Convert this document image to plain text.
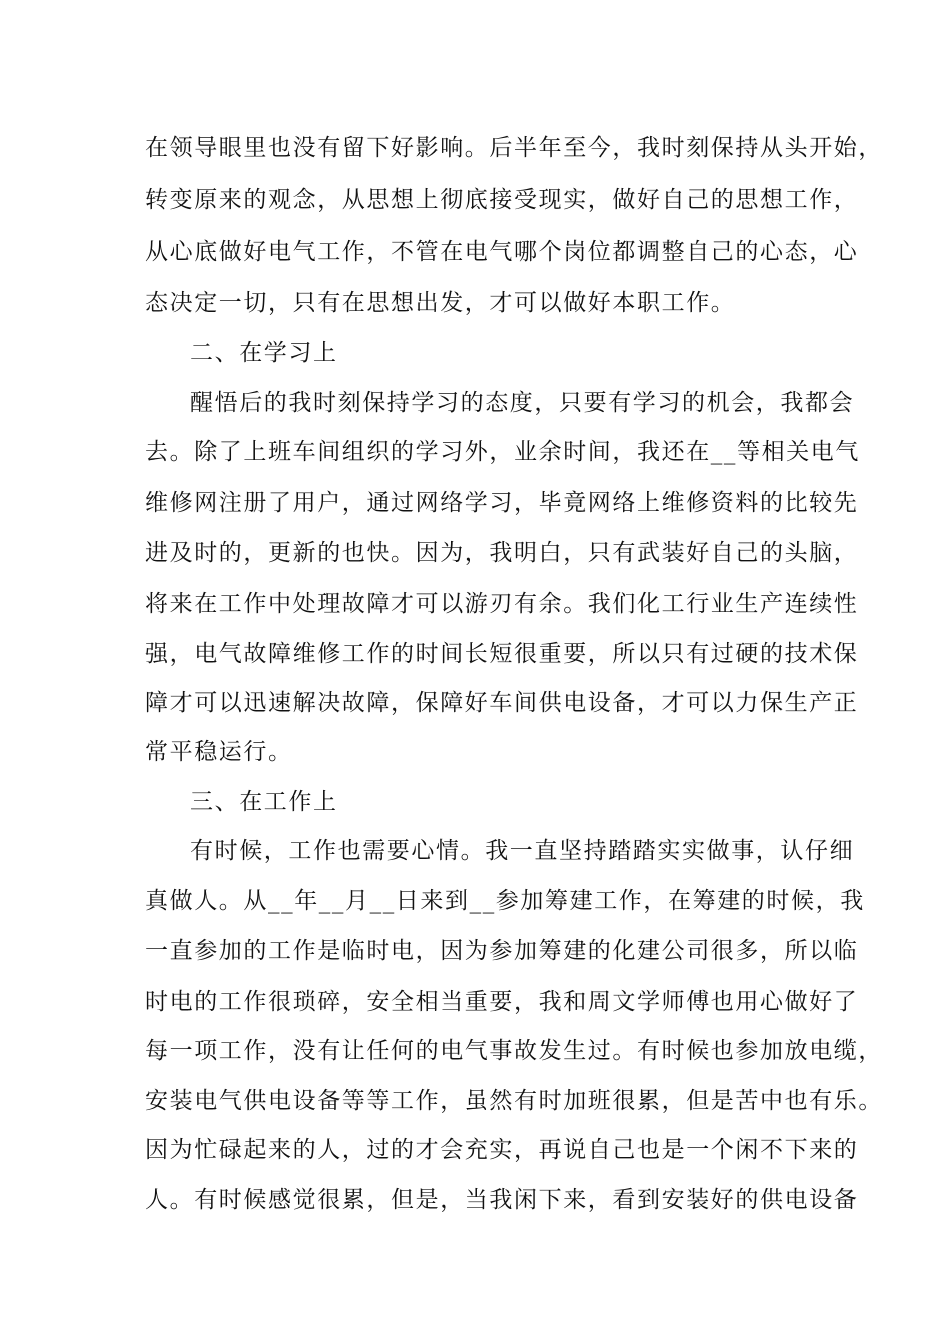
在领导眼里也没有留下好影响。后半年至今，我时刻保持从头开始，
转变原来的观念，从思想上彻底接受现实，做好自己的思想工作，
从心底做好电气工作，不管在电气哪个岗位都调整自己的心态，心
态决定一切，只有在思想出发，才可以做好本职工作。
二、在学习上
醒悟后的我时刻保持学习的态度，只要有学习的机会，我都会
去。除了上班车间组织的学习外，业余时间，我还在__等相关电气
维修网注册了用户，通过网络学习，毕竟网络上维修资料的比较先
进及时的，更新的也快。因为，我明白，只有武装好自己的头脑，
将来在工作中处理故障才可以游刃有余。我们化工行业生产连续性
强，电气故障维修工作的时间长短很重要，所以只有过硬的技术保
障才可以迅速解决故障，保障好车间供电设备，才可以力保生产正
常平稳运行。
三、在工作上
有时候，工作也需要心情。我一直坚持踏踏实实做事，认仔细
真做人。从__年__月__日来到__参加筹建工作，在筹建的时候，我
一直参加的工作是临时电，因为参加筹建的化建公司很多，所以临
时电的工作很琐碎，安全相当重要，我和周文学师傅也用心做好了
每一项工作，没有让任何的电气事故发生过。有时候也参加放电缆，
安装电气供电设备等等工作，虽然有时加班很累，但是苦中也有乐。
因为忙碌起来的人，过的才会充实，再说自己也是一个闲不下来的
人。有时候感觉很累，但是，当我闲下来，看到安装好的供电设备
